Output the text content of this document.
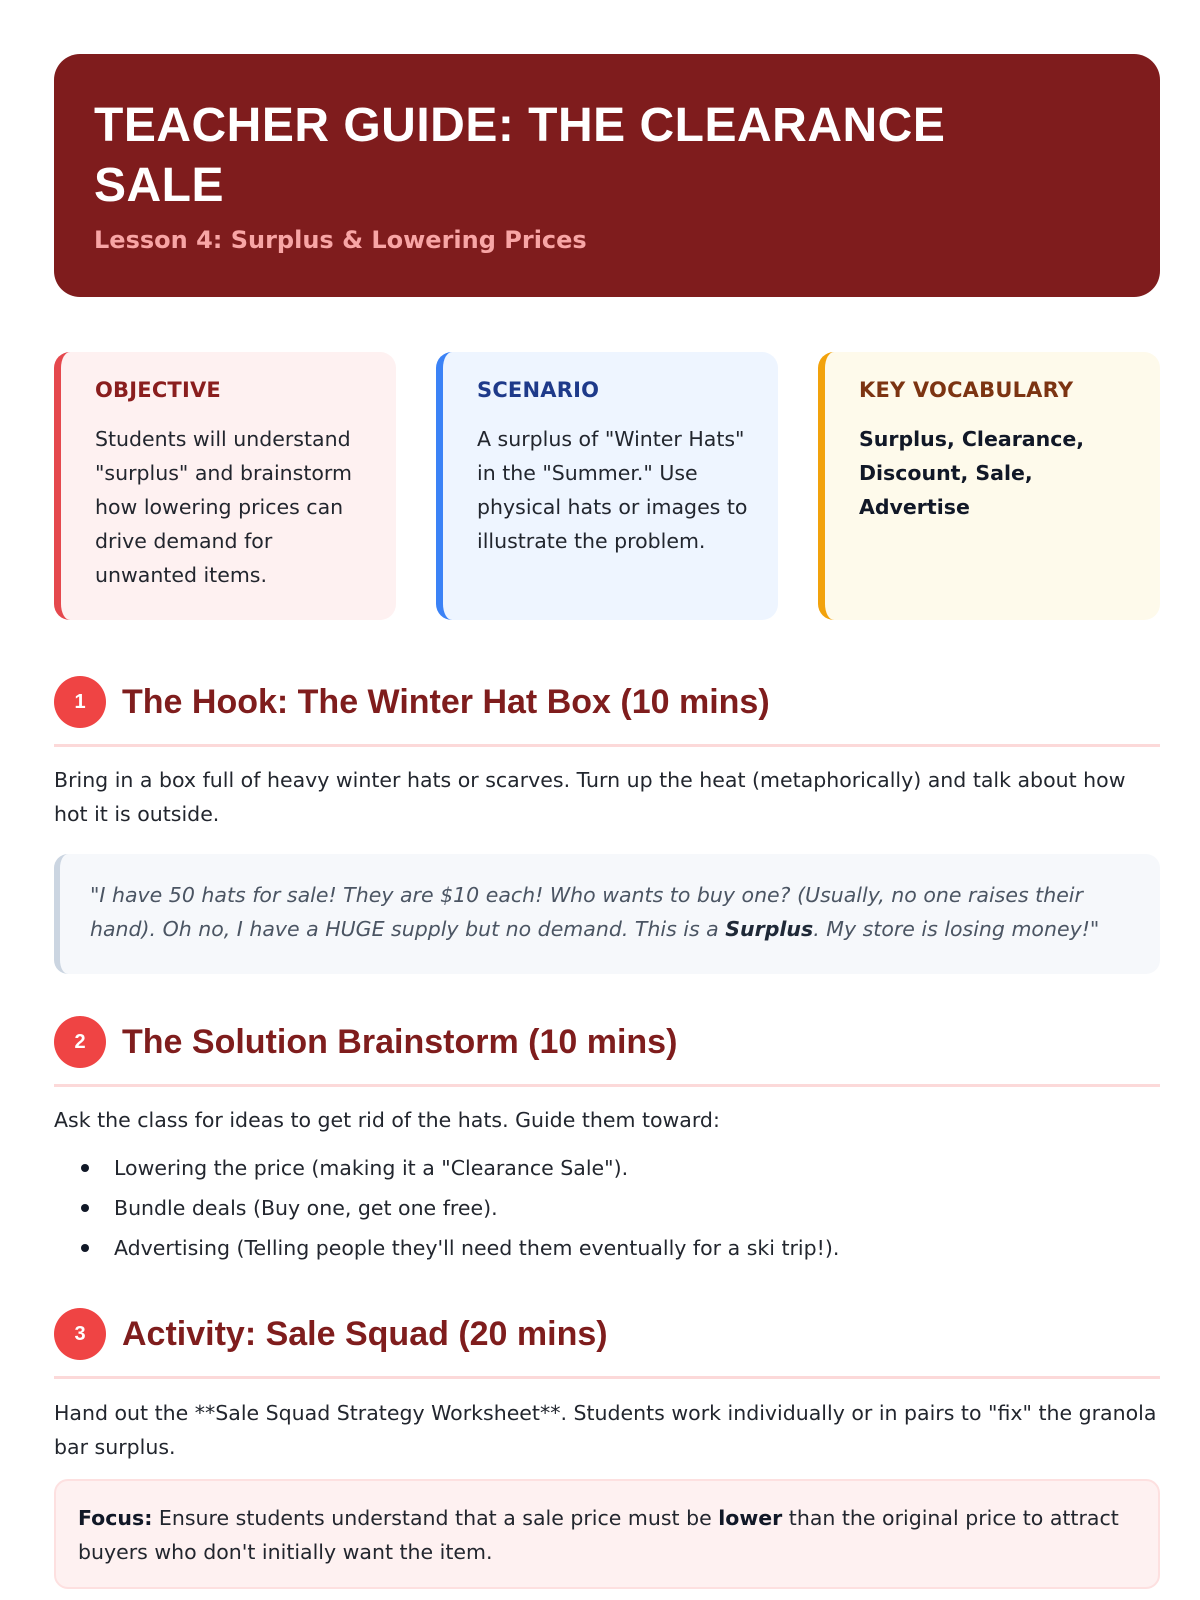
TEACHER GUIDE: THE CLEARANCE SALE
Lesson 4: Surplus & Lowering Prices
OBJECTIVE
Students will understand "surplus" and brainstorm how lowering prices can drive demand for unwanted items.
SCENARIO
A surplus of "Winter Hats" in the "Summer." Use physical hats or images to illustrate the problem.
KEY VOCABULARY
Surplus, Clearance, Discount, Sale, Advertise
1	The Hook: The Winter Hat Box (10 mins)
Bring in a box full of heavy winter hats or scarves. Turn up the heat (metaphorically) and talk about how hot it is outside.
"I have 50 hats for sale! They are $10 each! Who wants to buy one? (Usually, no one raises their hand). Oh no, I have a HUGE supply but no demand. This is a Surplus. My store is losing money!"
2	The Solution Brainstorm (10 mins)
Ask the class for ideas to get rid of the hats. Guide them toward:
Lowering the price (making it a "Clearance Sale").
Bundle deals (Buy one, get one free).
Advertising (Telling people they'll need them eventually for a ski trip!).
3	Activity: Sale Squad (20 mins)
Hand out the **Sale Squad Strategy Worksheet**. Students work individually or in pairs to "fix" the granola bar surplus.
Focus: Ensure students understand that a sale price must be lower than the original price to attract buyers who don't initially want the item.
